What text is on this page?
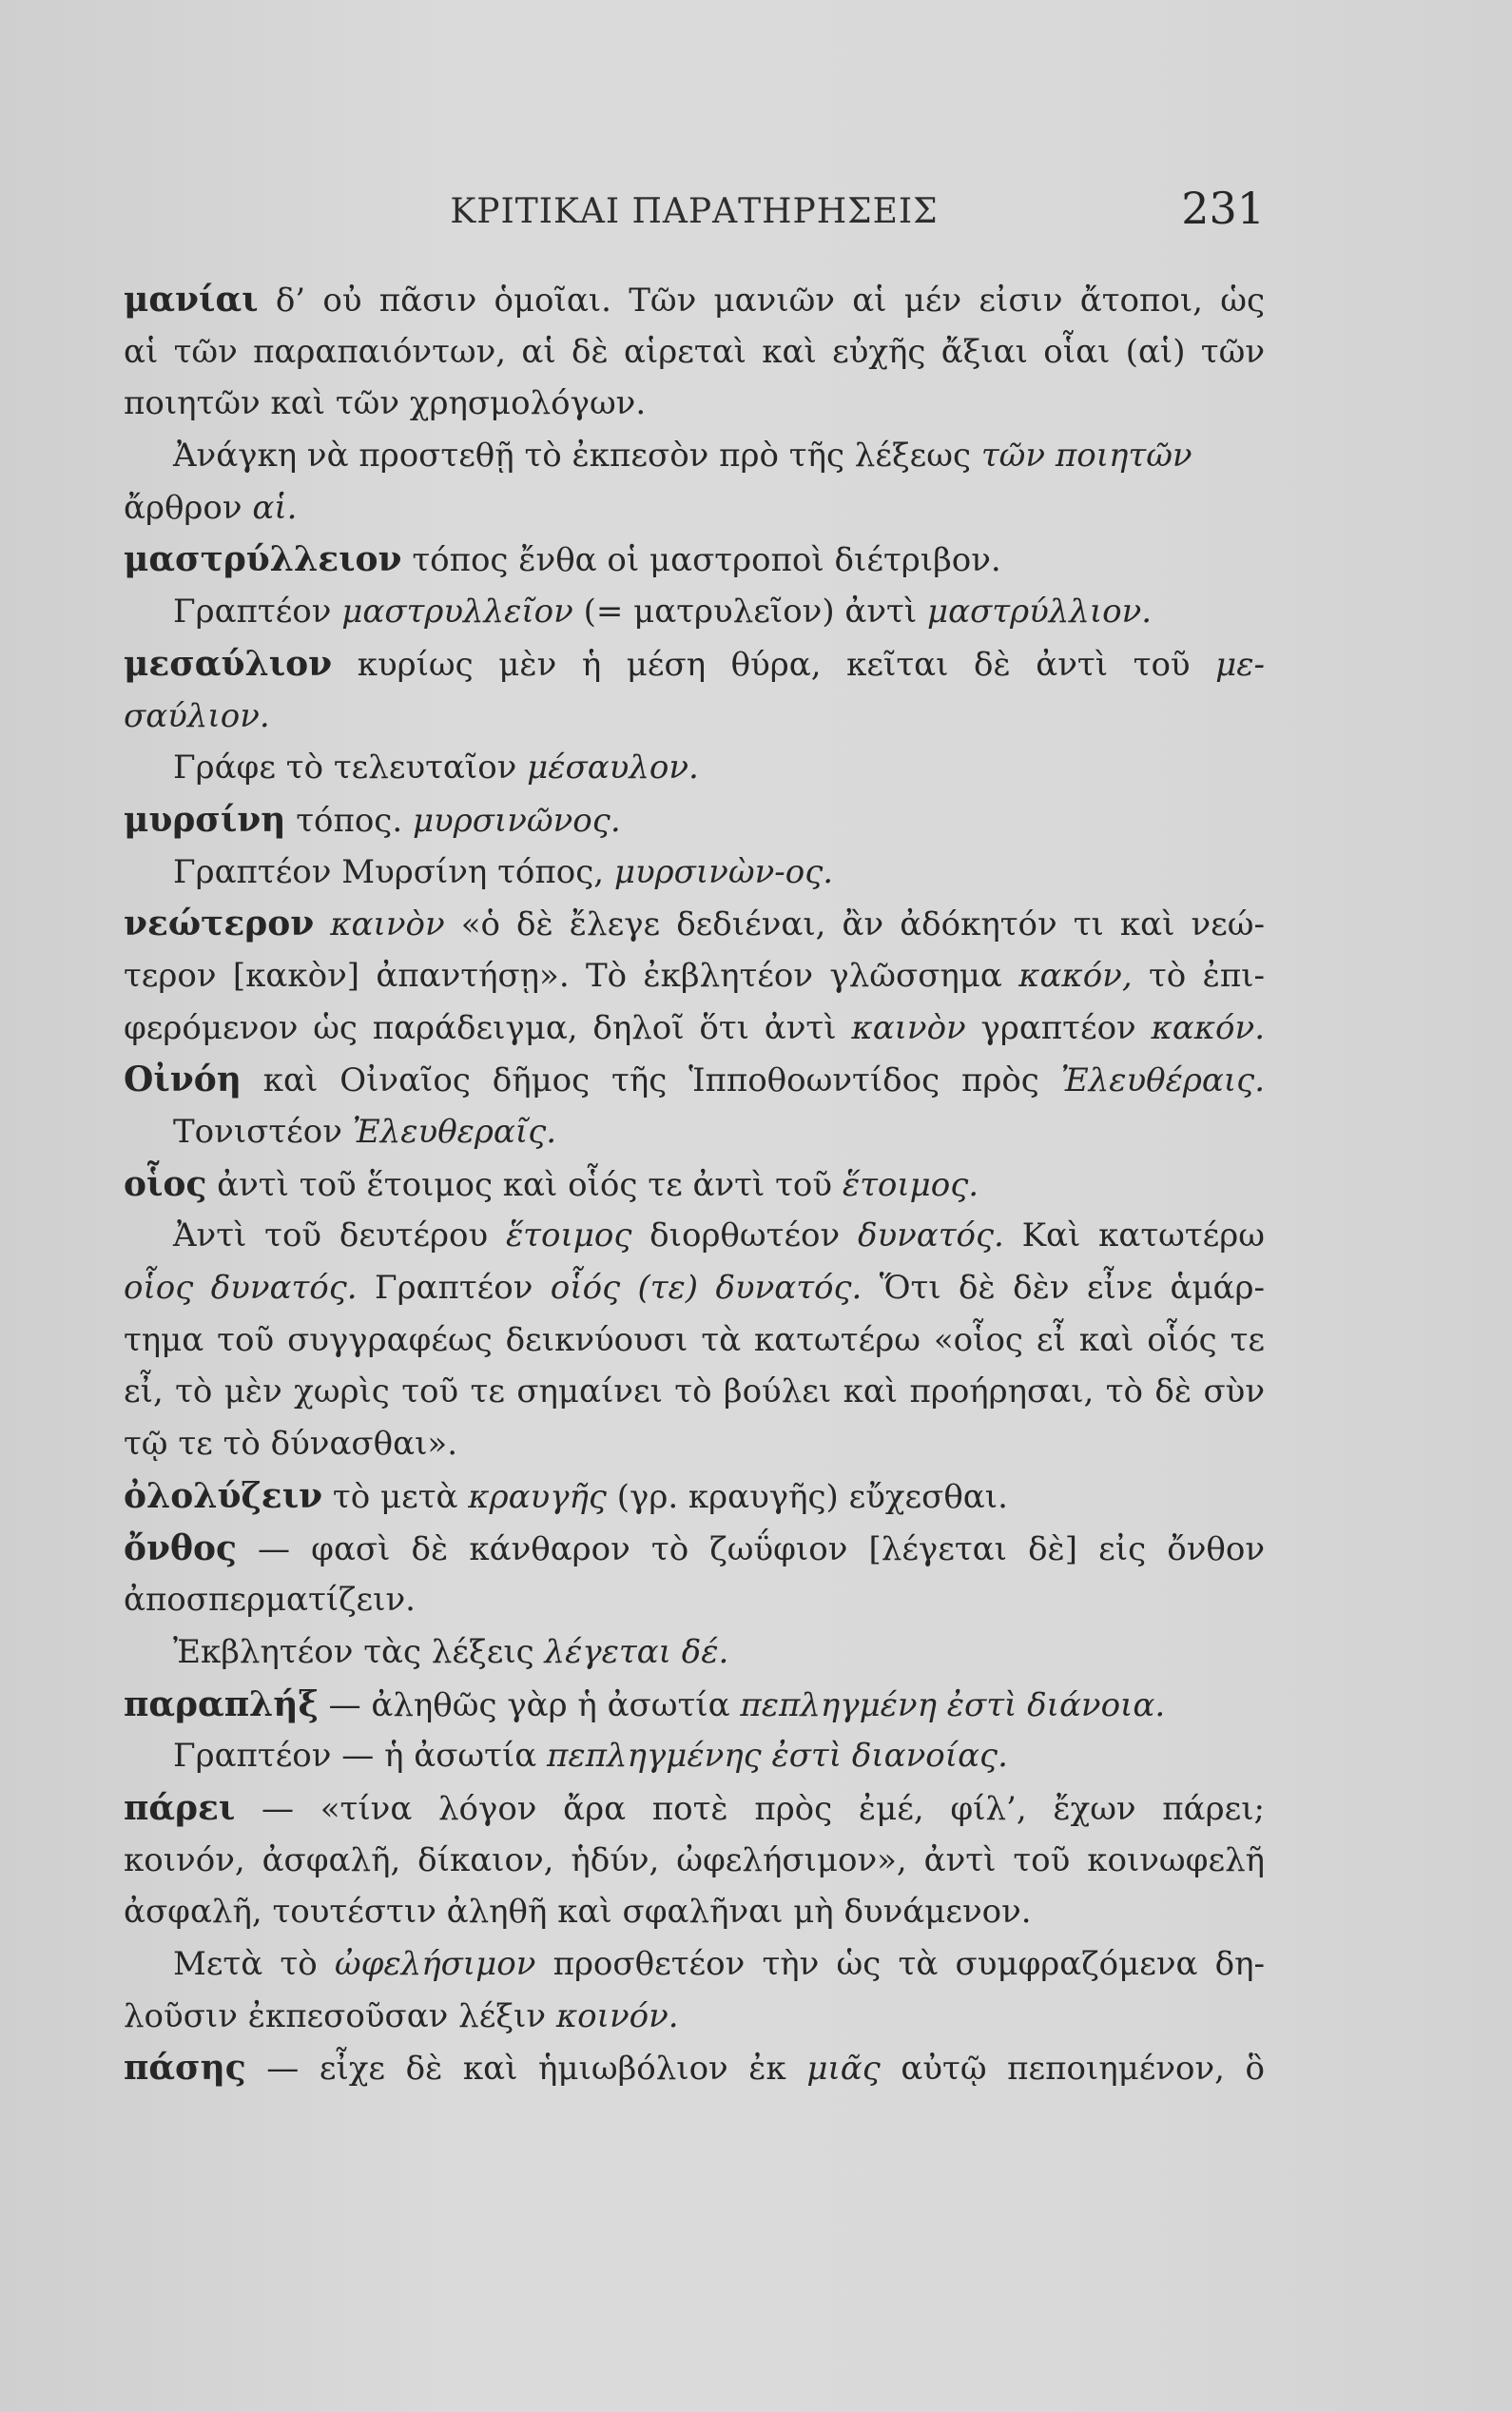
ΚΡΙΤΙΚΑΙ ΠΑΡΑΤΗΡΗΣΕΙΣ	231
μανίαι δ’ οὐ πᾶσιν ὁμοῖαι. Τῶν μανιῶν αἱ μέν εἰσιν ἄτοποι, ὡς
αἱ τῶν παραπαιόντων, αἱ δὲ αἱρεταὶ καὶ εὐχῆς ἄξιαι οἷαι (αἱ) τῶν
ποιητῶν καὶ τῶν χρησμολόγων.
Ἀνάγκη νὰ προστεθῇ τὸ ἐκπεσὸν πρὸ τῆς λέξεως τῶν ποιητῶν
ἄρθρον αἱ.
μαστρύλλειον τόπος ἔνθα οἱ μαστροποὶ διέτριβον.
Γραπτέον μαστρυλλεῖον (= ματρυλεῖον) ἀντὶ μαστρύλλιον.
μεσαύλιον κυρίως μὲν ἡ μέση θύρα, κεῖται δὲ ἀντὶ τοῦ με-
σαύλιον.
Γράφε τὸ τελευταῖον μέσαυλον.
μυρσίνη τόπος. μυρσινῶνος.
Γραπτέον Μυρσίνη τόπος, μυρσινὼν-ος.
νεώτερον καινὸν «ὁ δὲ ἔλεγε δεδιέναι, ἂν ἀδόκητόν τι καὶ νεώ-
τερον [κακὸν] ἀπαντήσῃ». Τὸ ἐκβλητέον γλῶσσημα κακόν, τὸ ἐπι-
φερόμενον ὡς παράδειγμα, δηλοῖ ὅτι ἀντὶ καινὸν γραπτέον κακόν.
Οἰνόη καὶ Οἰναῖος δῆμος τῆς Ἱπποθοωντίδος πρὸς Ἐλευθέραις.
Τονιστέον Ἐλευθεραῖς.
οἷος ἀντὶ τοῦ ἕτοιμος καὶ οἷός τε ἀντὶ τοῦ ἕτοιμος.
Ἀντὶ τοῦ δευτέρου ἕτοιμος διορθωτέον δυνατός. Καὶ κατωτέρω
οἷος δυνατός. Γραπτέον οἷός (τε) δυνατός. Ὅτι δὲ δὲν εἶνε ἁμάρ-
τημα τοῦ συγγραφέως δεικνύουσι τὰ κατωτέρω «οἷος εἶ καὶ οἷός τε
εἶ, τὸ μὲν χωρὶς τοῦ τε σημαίνει τὸ βούλει καὶ προήρησαι, τὸ δὲ σὺν
τῷ τε τὸ δύνασθαι».
ὀλολύζειν τὸ μετὰ κραυγῆς (γρ. κραυγῆς) εὔχεσθαι.
ὄνθος — φασὶ δὲ κάνθαρον τὸ ζωΰφιον [λέγεται δὲ] εἰς ὄνθον
ἀποσπερματίζειν.
Ἐκβλητέον τὰς λέξεις λέγεται δέ.
παραπλήξ — ἀληθῶς γὰρ ἡ ἀσωτία πεπληγμένη ἐστὶ διάνοια.
Γραπτέον — ἡ ἀσωτία πεπληγμένης ἐστὶ διανοίας.
πάρει — «τίνα λόγον ἄρα ποτὲ πρὸς ἐμέ, φίλ’, ἔχων πάρει;
κοινόν, ἀσφαλῆ, δίκαιον, ἡδύν, ὠφελήσιμον», ἀντὶ τοῦ κοινωφελῆ
ἀσφαλῆ, τουτέστιν ἀληθῆ καὶ σφαλῆναι μὴ δυνάμενον.
Μετὰ τὸ ὠφελήσιμον προσθετέον τὴν ὡς τὰ συμφραζόμενα δη-
λοῦσιν ἐκπεσοῦσαν λέξιν κοινόν.
πάσης — εἶχε δὲ καὶ ἡμιωβόλιον ἐκ μιᾶς αὐτῷ πεποιημένον, ὃ
